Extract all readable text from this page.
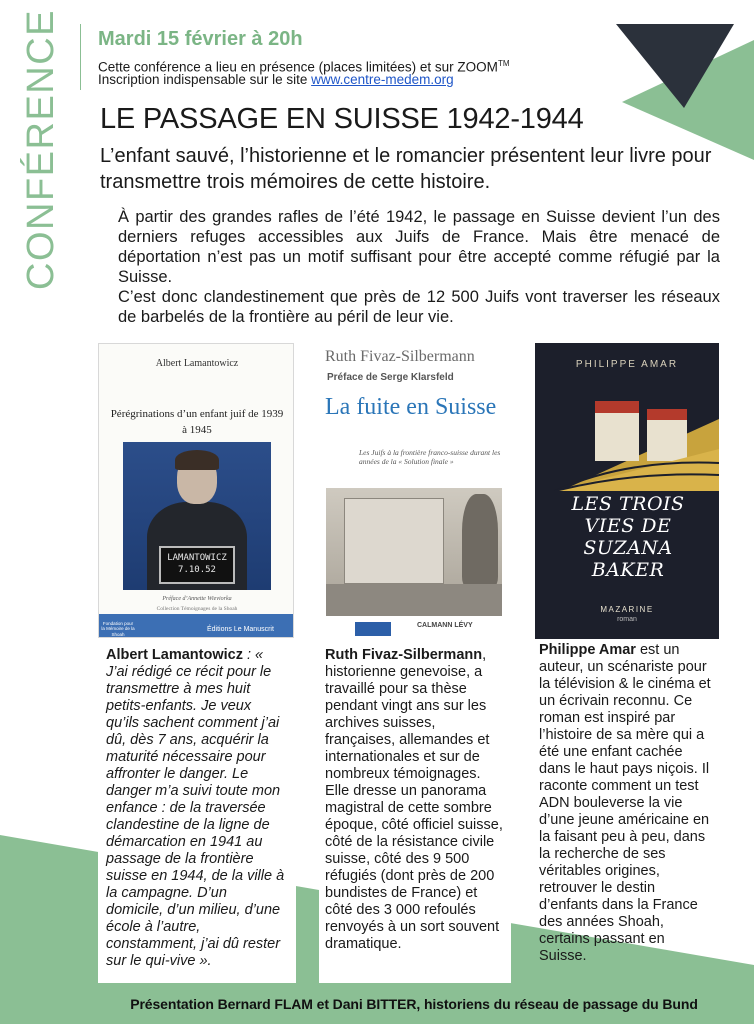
CONFÉRENCE Mardi 15 février à 20h
Cette conférence a lieu en présence (places limitées) et sur ZOOM™
Inscription indispensable sur le site www.centre-medem.org
LE PASSAGE EN SUISSE 1942-1944
L’enfant sauvé, l’historienne et le romancier présentent leur livre pour transmettre trois mémoires de cette histoire.

À partir des grandes rafles de l’été 1942, le passage en Suisse devient l’un des derniers refuges accessibles aux Juifs de France. Mais être menacé de déportation n’est pas un motif suffisant pour être accepté comme réfugié par la Suisse.

C’est donc clandestinement que près de 12 500 Juifs vont traverser les réseaux de barbelés de la frontière au péril de leur vie.

Albert Lamantowicz
Pérégrinations d’un enfant juif de 1939 à 1945
LAMANTOWICZ
7.10.52
Fondation pour la Mémoire de la Shoah
Éditions Le Manuscrit
Préface d’Annette Wieviorka
Collection Témoignages de la Shoah
Ruth Fivaz-Silbermann
Préface de Serge Klarsfeld
La fuite en Suisse
Les Juifs à la frontière franco-suisse durant les années de la « Solution finale »
CALMANN LÉVY
PHILIPPE AMAR
LES TROIS VIES DE SUZANA BAKER
MAZARINE
roman
Albert Lamantowicz : « J’ai rédigé ce récit pour le transmettre à mes huit petits-enfants. Je veux qu’ils sachent comment j’ai dû, dès 7 ans, acquérir la maturité nécessaire pour affronter le danger. Le danger m’a suivi toute mon enfance : de la traversée clandestine de la ligne de démarcation en 1941 au passage de la frontière suisse en 1944, de la ville à la campagne. D’un domicile, d’un milieu, d’une école à l’autre, constamment, j’ai dû rester sur le qui-vive ».
Ruth Fivaz-Silbermann, historienne genevoise, a travaillé pour sa thèse pendant vingt ans sur les archives suisses, françaises, allemandes et internationales et sur de nombreux témoignages. Elle dresse un panorama magistral de cette sombre époque, côté officiel suisse, côté de la résistance civile suisse, côté des 9 500 réfugiés (dont près de 200 bundistes de France) et côté des 3 000 refoulés renvoyés à un sort souvent dramatique.
Philippe Amar est un auteur, un scénariste pour la télévision & le cinéma et un écrivain reconnu. Ce roman est inspiré par l’histoire de sa mère qui a été une enfant cachée dans le haut pays niçois. Il raconte comment un test ADN bouleverse la vie d’une jeune américaine en la faisant peu à peu, dans la recherche de ses véritables origines, retrouver le destin d’enfants dans la France des années Shoah, certains passant en Suisse.
Présentation Bernard FLAM et Dani BITTER, historiens du réseau de passage du Bund
